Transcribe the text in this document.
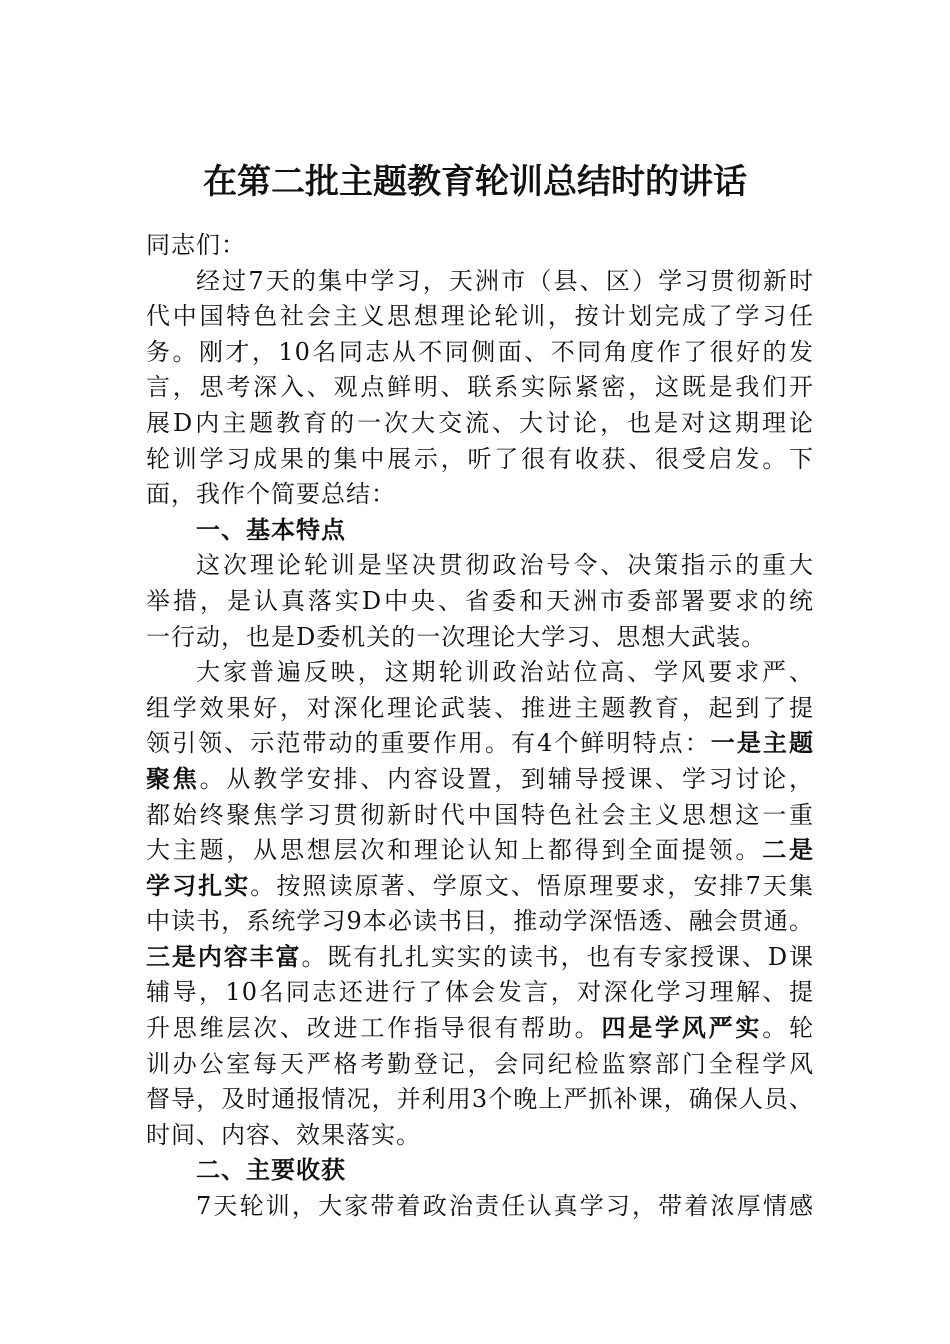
在第二批主题教育轮训总结时的讲话
同志们：
经过7天的集中学习，天洲市（县、区）学习贯彻新时
代中国特色社会主义思想理论轮训，按计划完成了学习任
务。刚才，10名同志从不同侧面、不同角度作了很好的发
言，思考深入、观点鲜明、联系实际紧密，这既是我们开
展D内主题教育的一次大交流、大讨论，也是对这期理论
轮训学习成果的集中展示，听了很有收获、很受启发。下
面，我作个简要总结：
一、基本特点
这次理论轮训是坚决贯彻政治号令、决策指示的重大
举措，是认真落实D中央、省委和天洲市委部署要求的统
一行动，也是D委机关的一次理论大学习、思想大武装。
大家普遍反映，这期轮训政治站位高、学风要求严、
组学效果好，对深化理论武装、推进主题教育，起到了提
领引领、示范带动的重要作用。有4个鲜明特点：一是主题
聚焦。从教学安排、内容设置，到辅导授课、学习讨论，
都始终聚焦学习贯彻新时代中国特色社会主义思想这一重
大主题，从思想层次和理论认知上都得到全面提领。二是
学习扎实。按照读原著、学原文、悟原理要求，安排7天集
中读书，系统学习9本必读书目，推动学深悟透、融会贯通。
三是内容丰富。既有扎扎实实的读书，也有专家授课、D课
辅导，10名同志还进行了体会发言，对深化学习理解、提
升思维层次、改进工作指导很有帮助。四是学风严实。轮
训办公室每天严格考勤登记，会同纪检监察部门全程学风
督导，及时通报情况，并利用3个晚上严抓补课，确保人员、
时间、内容、效果落实。
二、主要收获
7天轮训，大家带着政治责任认真学习，带着浓厚情感
